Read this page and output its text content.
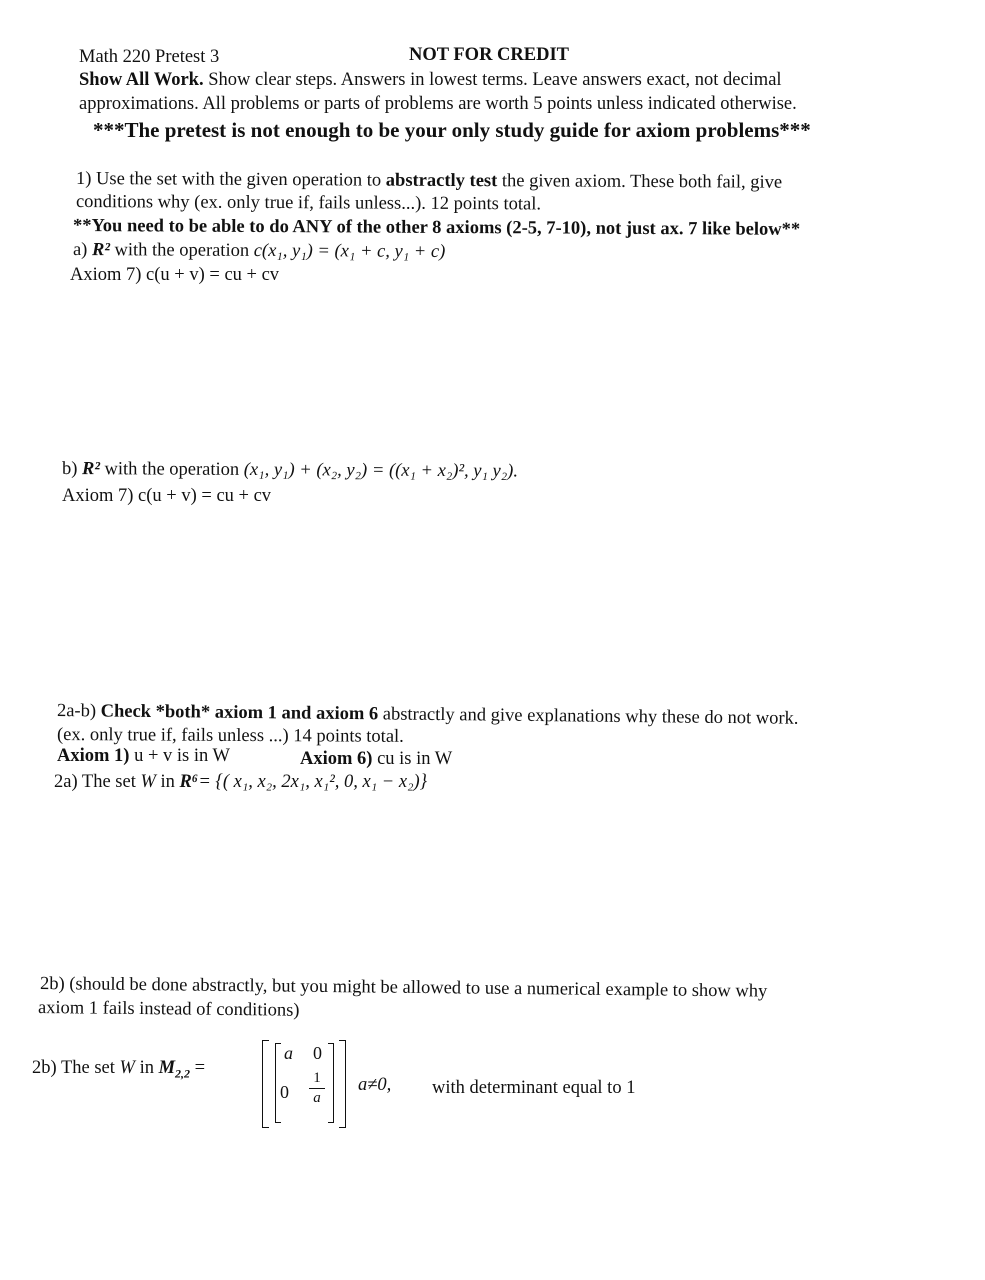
Math 220 Pretest 3	NOT FOR CREDIT
Show All Work. Show clear steps. Answers in lowest terms. Leave answers exact, not decimal
approximations. All problems or parts of problems are worth 5 points unless indicated otherwise.
***The pretest is not enough to be your only study guide for axiom problems***
1) Use the set with the given operation to abstractly test the given axiom. These both fail, give
conditions why (ex. only true if, fails unless...). 12 points total.
**You need to be able to do ANY of the other 8 axioms (2-5, 7-10), not just ax. 7 like below**
a) R² with the operation c(x₁, y₁) = (x₁ + c, y₁ + c)
Axiom 7) c(u + v) = cu + cv
b) R² with the operation (x₁, y₁) + (x₂, y₂) = ((x₁ + x₂)², y₁ y₂).
Axiom 7) c(u + v) = cu + cv
2a-b) Check *both* axiom 1 and axiom 6 abstractly and give explanations why these do not work.
(ex. only true if, fails unless ...) 14 points total.
Axiom 1) u + v is in W	Axiom 6) cu is in W
2a) The set W in R⁶= {( x₁, x₂, 2x₁, x₁², 0, x₁ − x₂)}
2b) (should be done abstractly, but you might be allowed to use a numerical example to show why
axiom 1 fails instead of conditions)
2b) The set W in $M_{2,2}$ =
a 0
0
1
a
a≠0, with determinant equal to 1
